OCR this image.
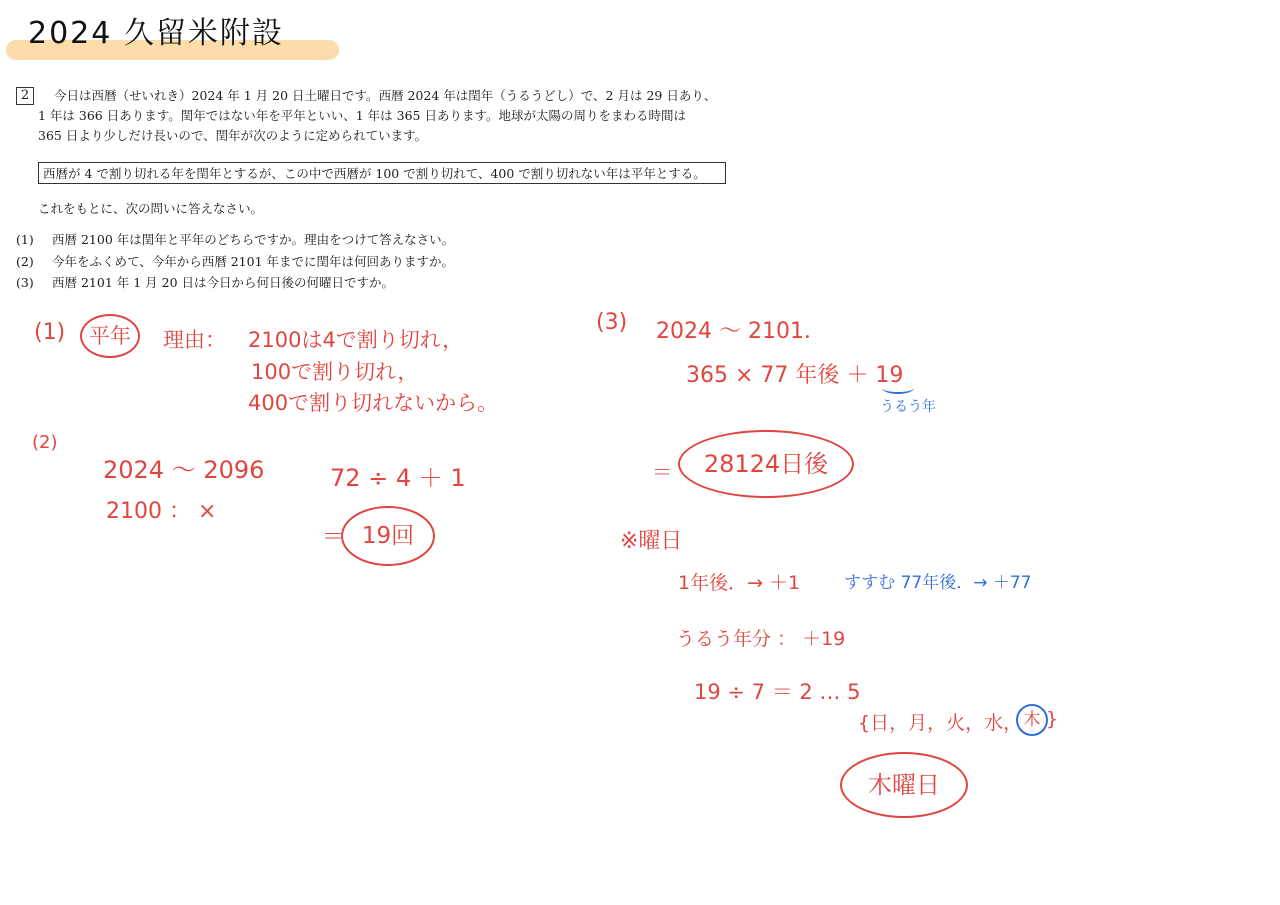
2024 久留米附設
2	今日は西暦（せいれき）2024 年 1 月 20 日土曜日です。西暦 2024 年は閏年（うるうどし）で、2 月は 29 日あり、
1 年は 366 日あります。閏年ではない年を平年といい、1 年は 365 日あります。地球が太陽の周りをまわる時間は
365 日より少しだけ長いので、閏年が次のように定められています。
西暦が 4 で割り切れる年を閏年とするが、この中で西暦が 100 で割り切れて、400 で割り切れない年は平年とする。
これをもとに、次の問いに答えなさい。
(1) 西暦 2100 年は閏年と平年のどちらですか。理由をつけて答えなさい。
(2) 今年をふくめて、今年から西暦 2101 年までに閏年は何回ありますか。
(3) 西暦 2101 年 1 月 20 日は今日から何日後の何曜日ですか。
(1)	平年	理由： 2100は4で割り切れ，
100で割り切れ，
400で割り切れないから。
(2)
2024 ～ 2096
2100 ： ×
72 ÷ 4 ＋ 1
＝ 19回
(3) 2024 ～ 2101．
365 × 77 年後 ＋ 19
うるう年
＝	28124日後
※曜日
1年後．→ ＋1	すすむ 77年後．→ ＋77
うるう年分 ： ＋19
19 ÷ 7 ＝ 2 … 5
{日，月，火，水， 木 }
木曜日
